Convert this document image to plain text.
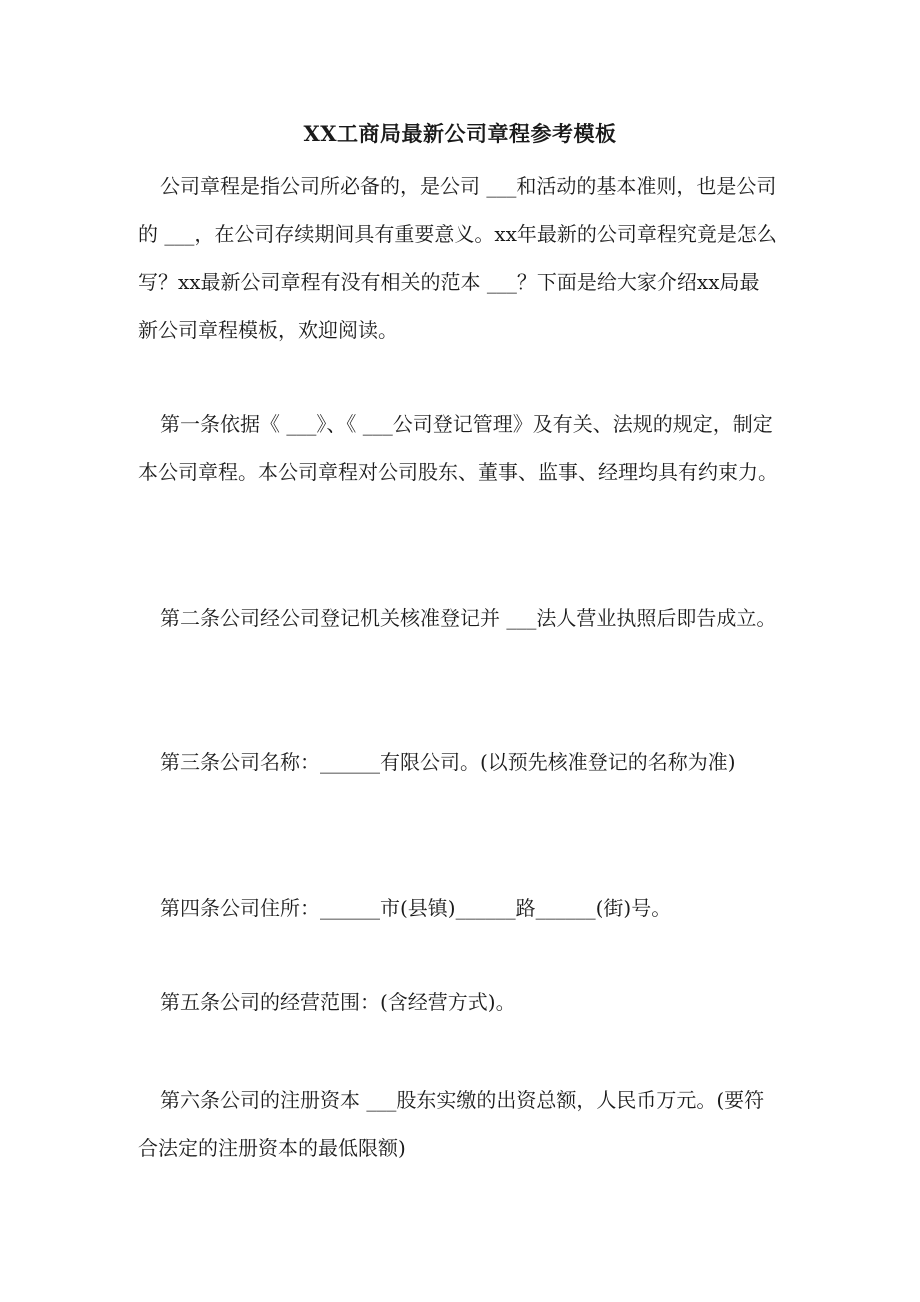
XX工商局最新公司章程参考模板

公司章程是指公司所必备的，是公司 ___和活动的基本准则，也是公司的 ___，在公司存续期间具有重要意义。xx年最新的公司章程究竟是怎么写？xx最新公司章程有没有相关的范本 ___？下面是给大家介绍xx局最新公司章程模板，欢迎阅读。

第一条依据《 ___》、《 ___公司登记管理》及有关、法规的规定，制定本公司章程。本公司章程对公司股东、董事、监事、经理均具有约束力。

第二条公司经公司登记机关核准登记并 ___法人营业执照后即告成立。

第三条公司名称：______有限公司。(以预先核准登记的名称为准)

第四条公司住所：______市(县镇)______路______(街)号。

第五条公司的经营范围：(含经营方式)。

第六条公司的注册资本 ___股东实缴的出资总额，人民币万元。(要符合法定的注册资本的最低限额)
